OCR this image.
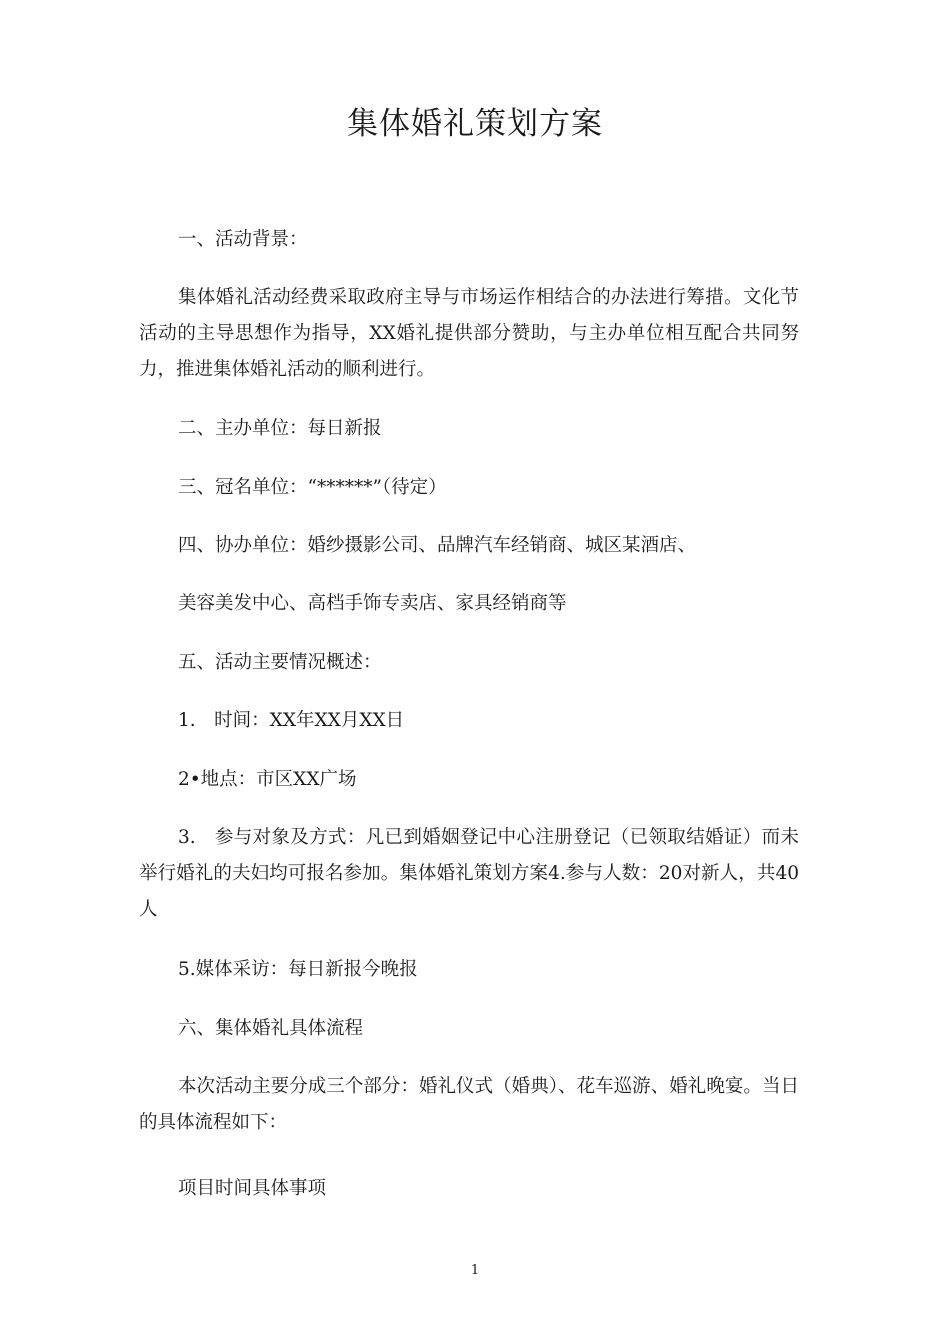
集体婚礼策划方案
一、活动背景：
集体婚礼活动经费采取政府主导与市场运作相结合的办法进行筹措。文化节活动的主导思想作为指导，XX婚礼提供部分赞助，与主办单位相互配合共同努力，推进集体婚礼活动的顺利进行。
二、主办单位：每日新报
三、冠名单位：“******”（待定）
四、协办单位：婚纱摄影公司、品牌汽车经销商、城区某酒店、
美容美发中心、高档手饰专卖店、家具经销商等
五、活动主要情况概述：
1.　时间：XX年XX月XX日
2•地点：市区XX广场
3.　参与对象及方式：凡已到婚姻登记中心注册登记（已领取结婚证）而未举行婚礼的夫妇均可报名参加。集体婚礼策划方案4.参与人数：20对新人，共40人
5.媒体采访：每日新报今晚报
六、集体婚礼具体流程
本次活动主要分成三个部分：婚礼仪式（婚典）、花车巡游、婚礼晚宴。当日的具体流程如下：
项目时间具体事项
1
